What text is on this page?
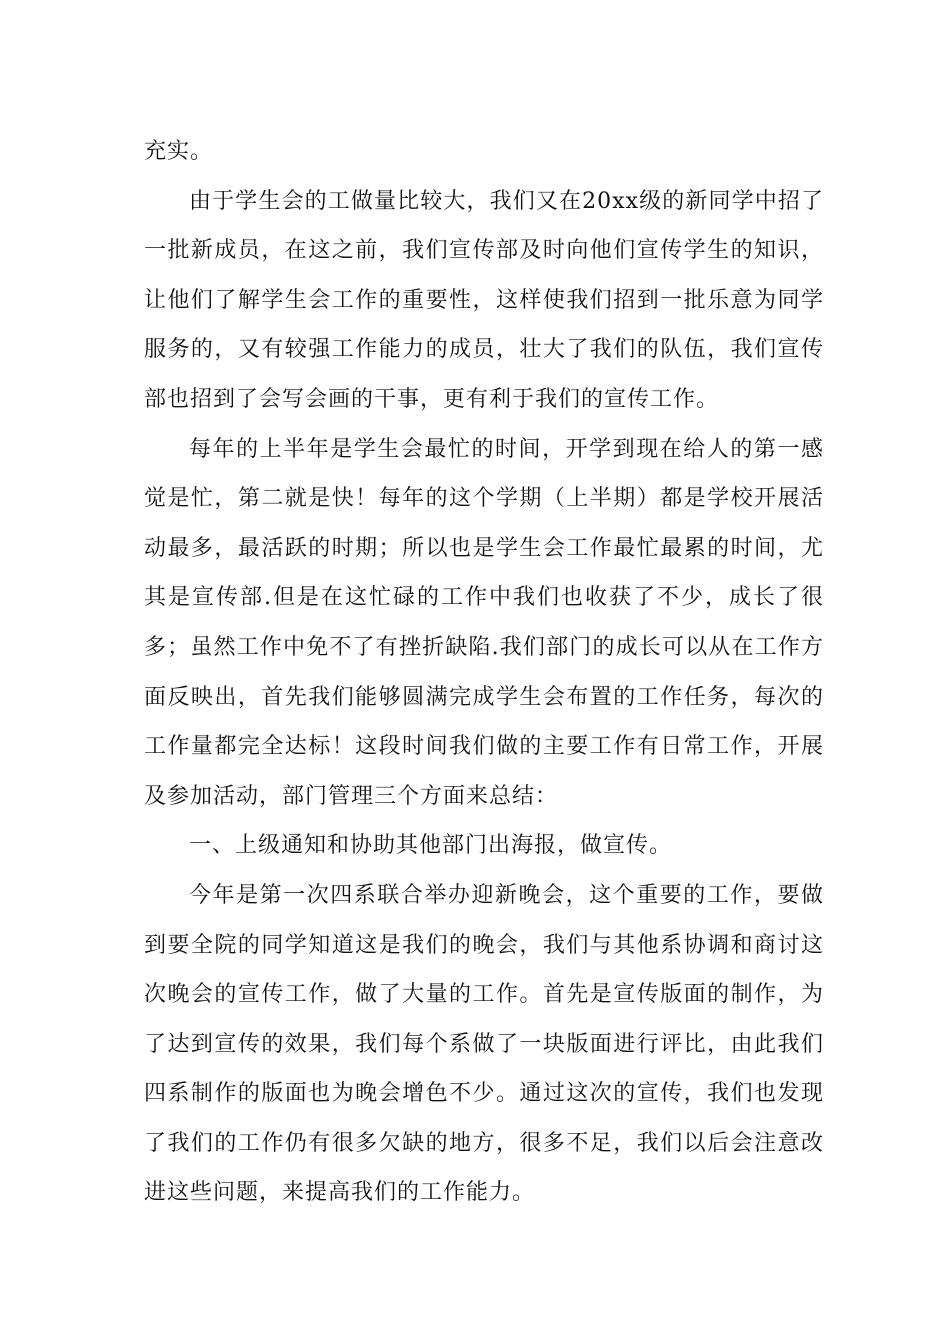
充实。

由于学生会的工做量比较大，我们又在20xx级的新同学中招了一批新成员，在这之前，我们宣传部及时向他们宣传学生的知识，让他们了解学生会工作的重要性，这样使我们招到一批乐意为同学服务的，又有较强工作能力的成员，壮大了我们的队伍，我们宣传部也招到了会写会画的干事，更有利于我们的宣传工作。

每年的上半年是学生会最忙的时间，开学到现在给人的第一感觉是忙，第二就是快！每年的这个学期（上半期）都是学校开展活动最多，最活跃的时期；所以也是学生会工作最忙最累的时间，尤其是宣传部.但是在这忙碌的工作中我们也收获了不少，成长了很多；虽然工作中免不了有挫折缺陷.我们部门的成长可以从在工作方面反映出，首先我们能够圆满完成学生会布置的工作任务，每次的工作量都完全达标！这段时间我们做的主要工作有日常工作，开展及参加活动，部门管理三个方面来总结：

一、上级通知和协助其他部门出海报，做宣传。

今年是第一次四系联合举办迎新晚会，这个重要的工作，要做到要全院的同学知道这是我们的晚会，我们与其他系协调和商讨这次晚会的宣传工作，做了大量的工作。首先是宣传版面的制作，为了达到宣传的效果，我们每个系做了一块版面进行评比，由此我们四系制作的版面也为晚会增色不少。通过这次的宣传，我们也发现了我们的工作仍有很多欠缺的地方，很多不足，我们以后会注意改进这些问题，来提高我们的工作能力。
